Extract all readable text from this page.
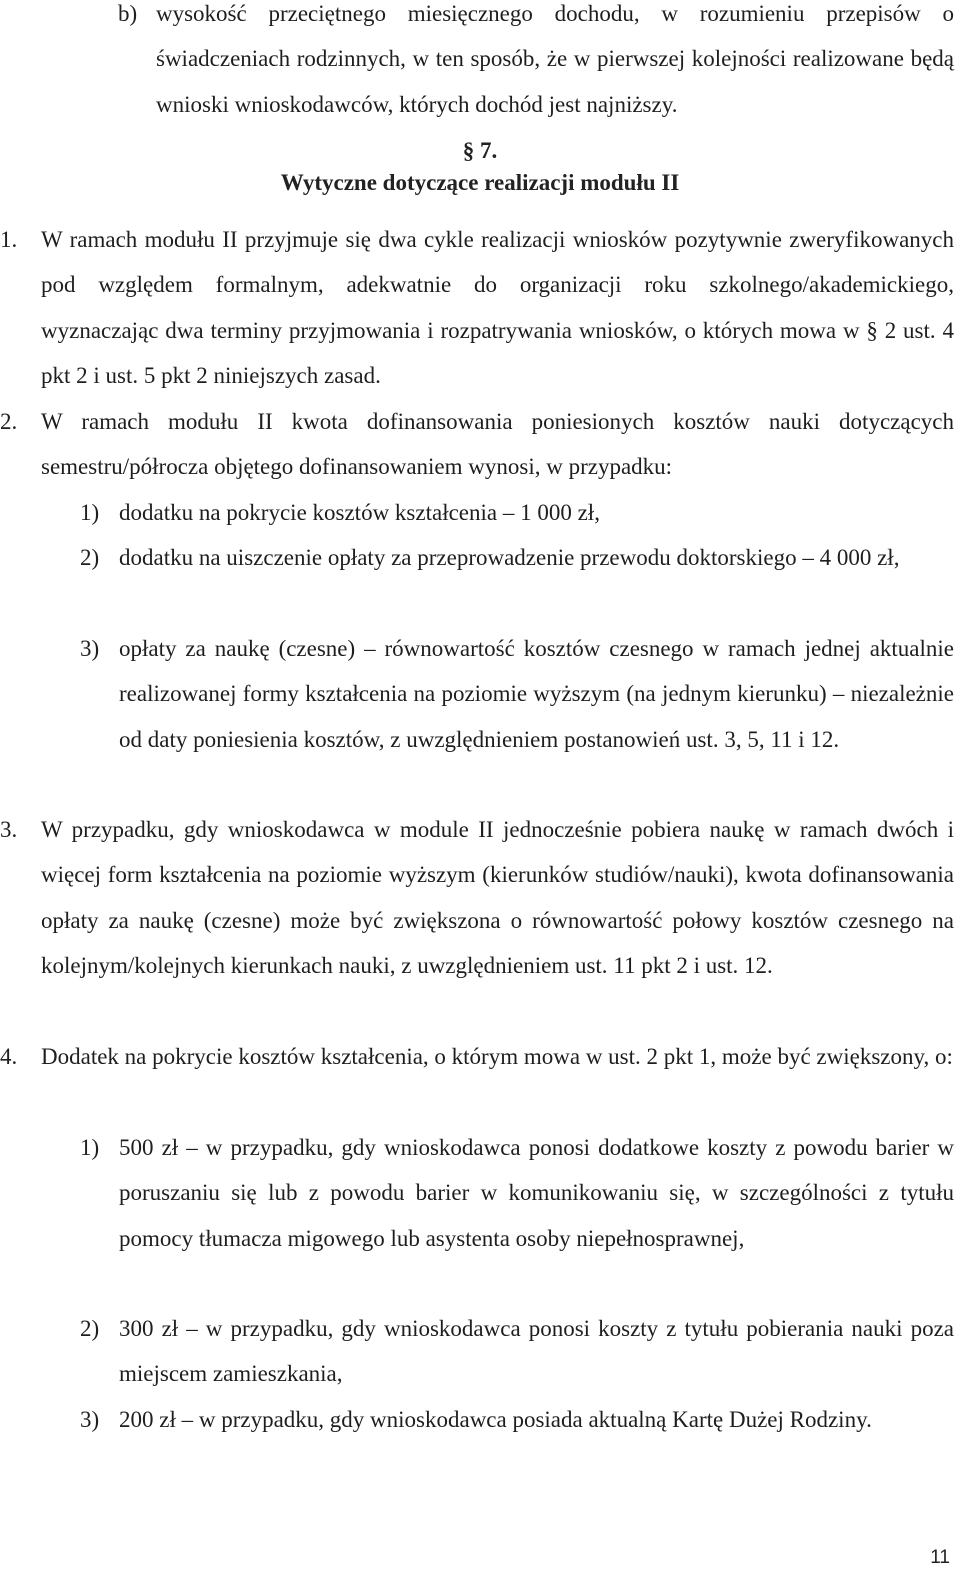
b) wysokość przeciętnego miesięcznego dochodu, w rozumieniu przepisów o świadczeniach rodzinnych, w ten sposób, że w pierwszej kolejności realizowane będą wnioski wnioskodawców, których dochód jest najniższy.
§ 7.
Wytyczne dotyczące realizacji modułu II
1. W ramach modułu II przyjmuje się dwa cykle realizacji wniosków pozytywnie zweryfikowanych pod względem formalnym, adekwatnie do organizacji roku szkolnego/akademickiego, wyznaczając dwa terminy przyjmowania i rozpatrywania wniosków, o których mowa w § 2 ust. 4 pkt 2 i ust. 5 pkt 2 niniejszych zasad.
2. W ramach modułu II kwota dofinansowania poniesionych kosztów nauki dotyczących semestru/półrocza objętego dofinansowaniem wynosi, w przypadku:
1) dodatku na pokrycie kosztów kształcenia – 1 000 zł,
2) dodatku na uiszczenie opłaty za przeprowadzenie przewodu doktorskiego – 4 000 zł,
3) opłaty za naukę (czesne) – równowartość kosztów czesnego w ramach jednej aktualnie realizowanej formy kształcenia na poziomie wyższym (na jednym kierunku) – niezależnie od daty poniesienia kosztów, z uwzględnieniem postanowień ust. 3, 5, 11 i 12.
3. W przypadku, gdy wnioskodawca w module II jednocześnie pobiera naukę w ramach dwóch i więcej form kształcenia na poziomie wyższym (kierunków studiów/nauki), kwota dofinansowania opłaty za naukę (czesne) może być zwiększona o równowartość połowy kosztów czesnego na kolejnym/kolejnych kierunkach nauki, z uwzględnieniem ust. 11 pkt 2 i ust. 12.
4. Dodatek na pokrycie kosztów kształcenia, o którym mowa w ust. 2 pkt 1, może być zwiększony, o:
1) 500 zł – w przypadku, gdy wnioskodawca ponosi dodatkowe koszty z powodu barier w poruszaniu się lub z powodu barier w komunikowaniu się, w szczególności z tytułu pomocy tłumacza migowego lub asystenta osoby niepełnosprawnej,
2) 300 zł – w przypadku, gdy wnioskodawca ponosi koszty z tytułu pobierania nauki poza miejscem zamieszkania,
3) 200 zł – w przypadku, gdy wnioskodawca posiada aktualną Kartę Dużej Rodziny.
11
